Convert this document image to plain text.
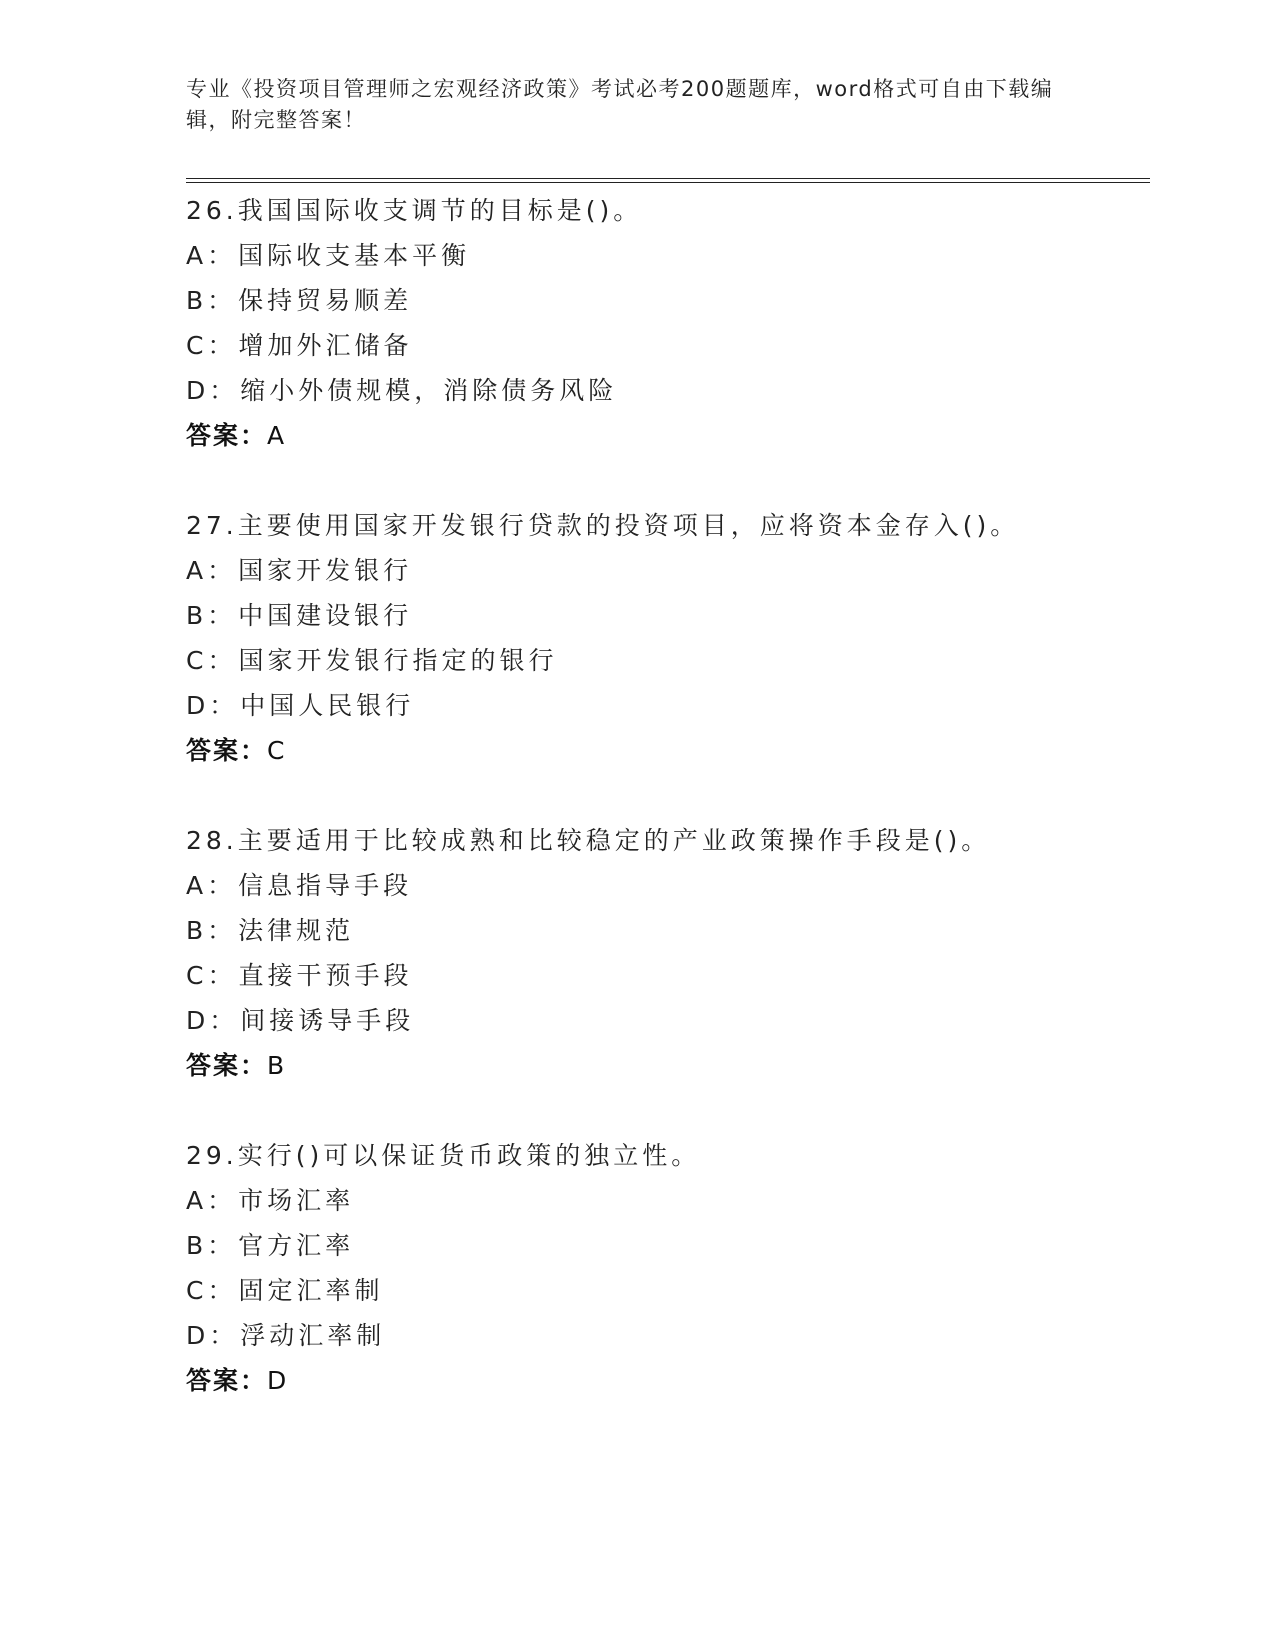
专业《投资项目管理师之宏观经济政策》考试必考200题题库，word格式可自由下载编辑，附完整答案！
26.我国国际收支调节的目标是()。
A：国际收支基本平衡
B：保持贸易顺差
C：增加外汇储备
D：缩小外债规模，消除债务风险
答案：A
27.主要使用国家开发银行贷款的投资项目，应将资本金存入()。
A：国家开发银行
B：中国建设银行
C：国家开发银行指定的银行
D：中国人民银行
答案：C
28.主要适用于比较成熟和比较稳定的产业政策操作手段是()。
A：信息指导手段
B：法律规范
C：直接干预手段
D：间接诱导手段
答案：B
29.实行()可以保证货币政策的独立性。
A：市场汇率
B：官方汇率
C：固定汇率制
D：浮动汇率制
答案：D
